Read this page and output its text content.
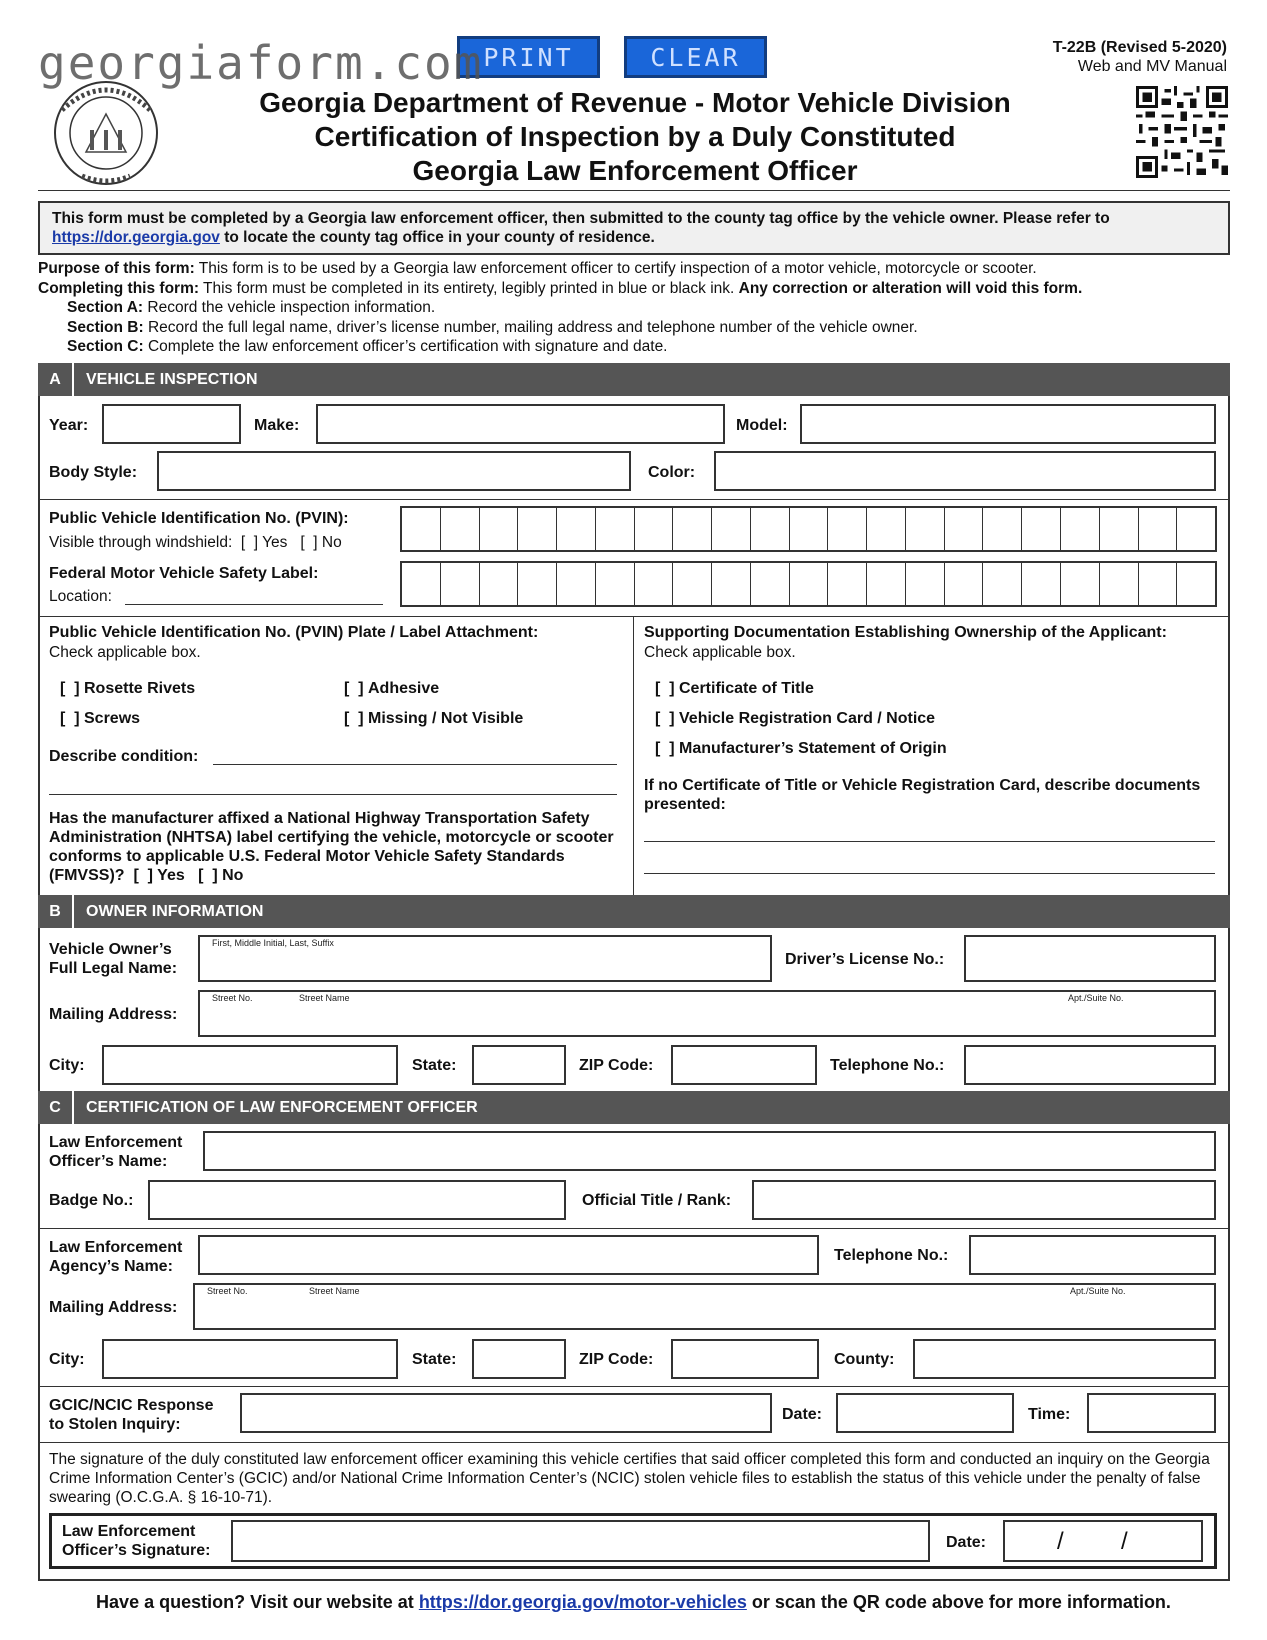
georgiaform.com PRINT	CLEAR	T-22B (Revised 5-2020)
Web and MV Manual
Georgia Department of Revenue - Motor Vehicle Division
Certification of Inspection by a Duly Constituted
Georgia Law Enforcement Officer
This form must be completed by a Georgia law enforcement officer, then submitted to the county tag office by the vehicle owner. Please refer to https://dor.georgia.gov to locate the county tag office in your county of residence.
Purpose of this form: This form is to be used by a Georgia law enforcement officer to certify inspection of a motor vehicle, motorcycle or scooter.
Completing this form: This form must be completed in its entirety, legibly printed in blue or black ink. Any correction or alteration will void this form.
Section A: Record the vehicle inspection information.
Section B: Record the full legal name, driver’s license number, mailing address and telephone number of the vehicle owner.
Section C: Complete the law enforcement officer’s certification with signature and date.
A	VEHICLE INSPECTION
Year:	Make:	Model:
Body Style:	Color:
Public Vehicle Identification No. (PVIN):
Visible through windshield:  [  ] Yes   [  ] No
Federal Motor Vehicle Safety Label:
Location:
Public Vehicle Identification No. (PVIN) Plate / Label Attachment:
Check applicable box.
[  ] Rosette Rivets	[  ] Adhesive
[  ] Screws	[  ] Missing / Not Visible
Describe condition:
Has the manufacturer affixed a National Highway Transportation Safety Administration (NHTSA) label certifying the vehicle, motorcycle or scooter conforms to applicable U.S. Federal Motor Vehicle Safety Standards (FMVSS)?  [  ] Yes   [  ] No
Supporting Documentation Establishing Ownership of the Applicant:
Check applicable box.
[  ] Certificate of Title
[  ] Vehicle Registration Card / Notice
[  ] Manufacturer’s Statement of Origin
If no Certificate of Title or Vehicle Registration Card, describe documents presented:
B	OWNER INFORMATION
Vehicle Owner’s Full Legal Name:
First, Middle Initial, Last, Suffix
Driver’s License No.:
Mailing Address:
Street No.	Street Name	Apt./Suite No.
City:	State:	ZIP Code:	Telephone No.:
C	CERTIFICATION OF LAW ENFORCEMENT OFFICER
Law Enforcement Officer’s Name:
Badge No.:	Official Title / Rank:
Law Enforcement Agency’s Name:
Telephone No.:
Mailing Address:
Street No.	Street Name	Apt./Suite No.
City:	State:	ZIP Code:	County:
GCIC/NCIC Response to Stolen Inquiry:
Date:	Time:
The signature of the duly constituted law enforcement officer examining this vehicle certifies that said officer completed this form and conducted an inquiry on the Georgia Crime Information Center’s (GCIC) and/or National Crime Information Center’s (NCIC) stolen vehicle files to establish the status of this vehicle under the penalty of false swearing (O.C.G.A. § 16-10-71).
Law Enforcement Officer’s Signature:	Date:	/ /
Have a question? Visit our website at https://dor.georgia.gov/motor-vehicles or scan the QR code above for more information.
